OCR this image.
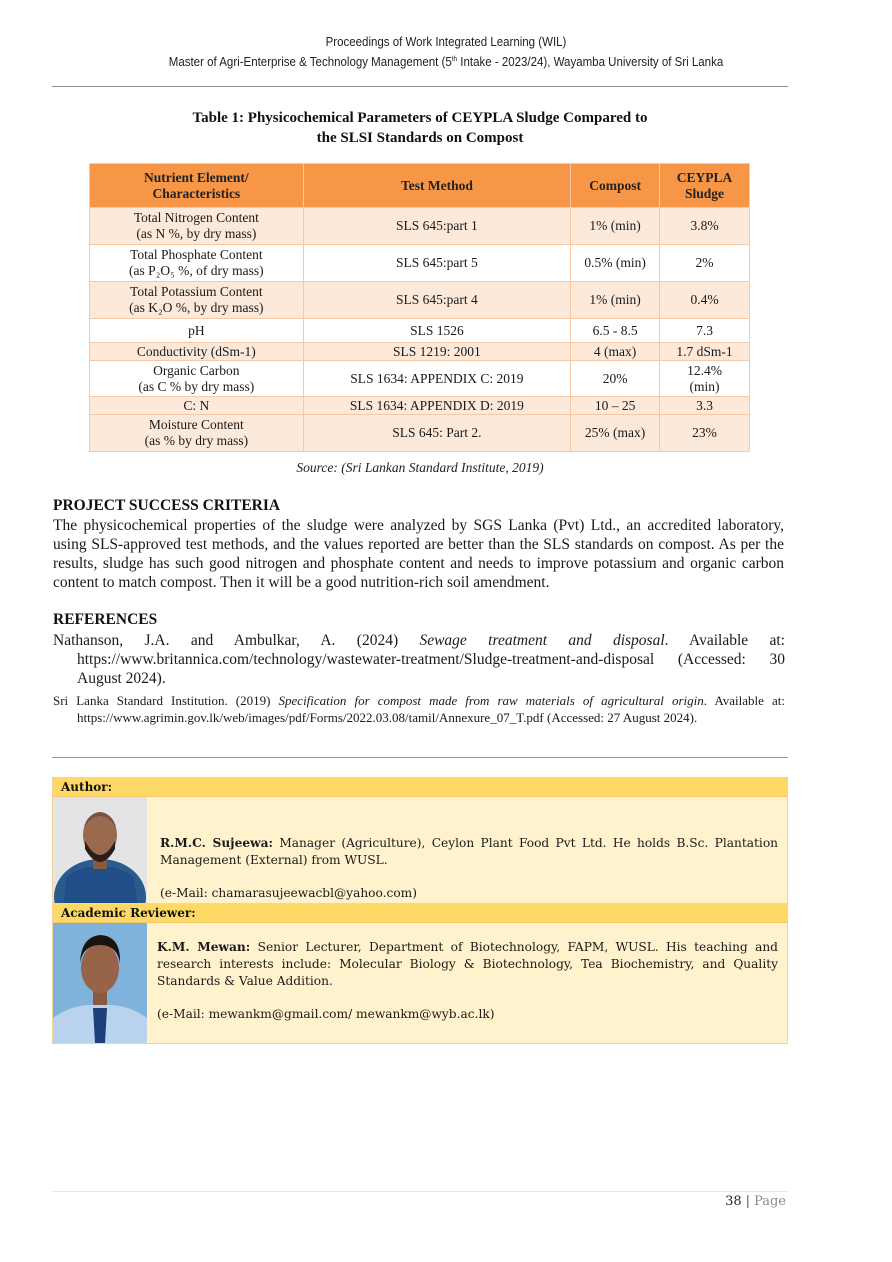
Proceedings of Work Integrated Learning (WIL)
Master of Agri-Enterprise & Technology Management (5th Intake - 2023/24), Wayamba University of Sri Lanka
Table 1: Physicochemical Parameters of CEYPLA Sludge Compared to
the SLSI Standards on Compost
Nutrient Element/
Characteristics	Test Method	Compost	CEYPLA
Sludge
Total Nitrogen Content
(as N %, by dry mass)	SLS 645:part 1	1% (min)	3.8%
Total Phosphate Content
(as P₂O₅ %, of dry mass)	SLS 645:part 5	0.5% (min)	2%
Total Potassium Content
(as K₂O %, by dry mass)	SLS 645:part 4	1% (min)	0.4%
pH	SLS 1526	6.5 - 8.5	7.3
Conductivity (dSm-1)	SLS 1219: 2001	4 (max)	1.7 dSm-1
Organic Carbon
(as C % by dry mass)	SLS 1634: APPENDIX C: 2019	20%	12.4%
(min)
C: N	SLS 1634: APPENDIX D: 2019	10 – 25	3.3
Moisture Content
(as % by dry mass)	SLS 645: Part 2.	25% (max)	23%
Source: (Sri Lankan Standard Institute, 2019)
PROJECT SUCCESS CRITERIA
The physicochemical properties of the sludge were analyzed by SGS Lanka (Pvt) Ltd., an accredited laboratory, using SLS-approved test methods, and the values reported are better than the SLS standards on compost. As per the results, sludge has such good nitrogen and phosphate content and needs to improve potassium and organic carbon content to match compost. Then it will be a good nutrition-rich soil amendment.
REFERENCES
Nathanson, J.A. and Ambulkar, A. (2024) Sewage treatment and disposal. Available at: https://www.britannica.com/technology/wastewater-treatment/Sludge-treatment-and-disposal (Accessed: 30 August 2024).
Sri Lanka Standard Institution. (2019) Specification for compost made from raw materials of agricultural origin. Available at: https://www.agrimin.gov.lk/web/images/pdf/Forms/2022.03.08/tamil/Annexure_07_T.pdf (Accessed: 27 August 2024).
Author:
R.M.C. Sujeewa: Manager (Agriculture), Ceylon Plant Food Pvt Ltd. He holds B.Sc. Plantation Management (External) from WUSL.
(e-Mail: chamarasujeewacbl@yahoo.com)
Academic Reviewer:
K.M. Mewan: Senior Lecturer, Department of Biotechnology, FAPM, WUSL. His teaching and research interests include: Molecular Biology & Biotechnology, Tea Biochemistry, and Quality Standards & Value Addition.
(e-Mail: mewankm@gmail.com/ mewankm@wyb.ac.lk)
38 | Page
